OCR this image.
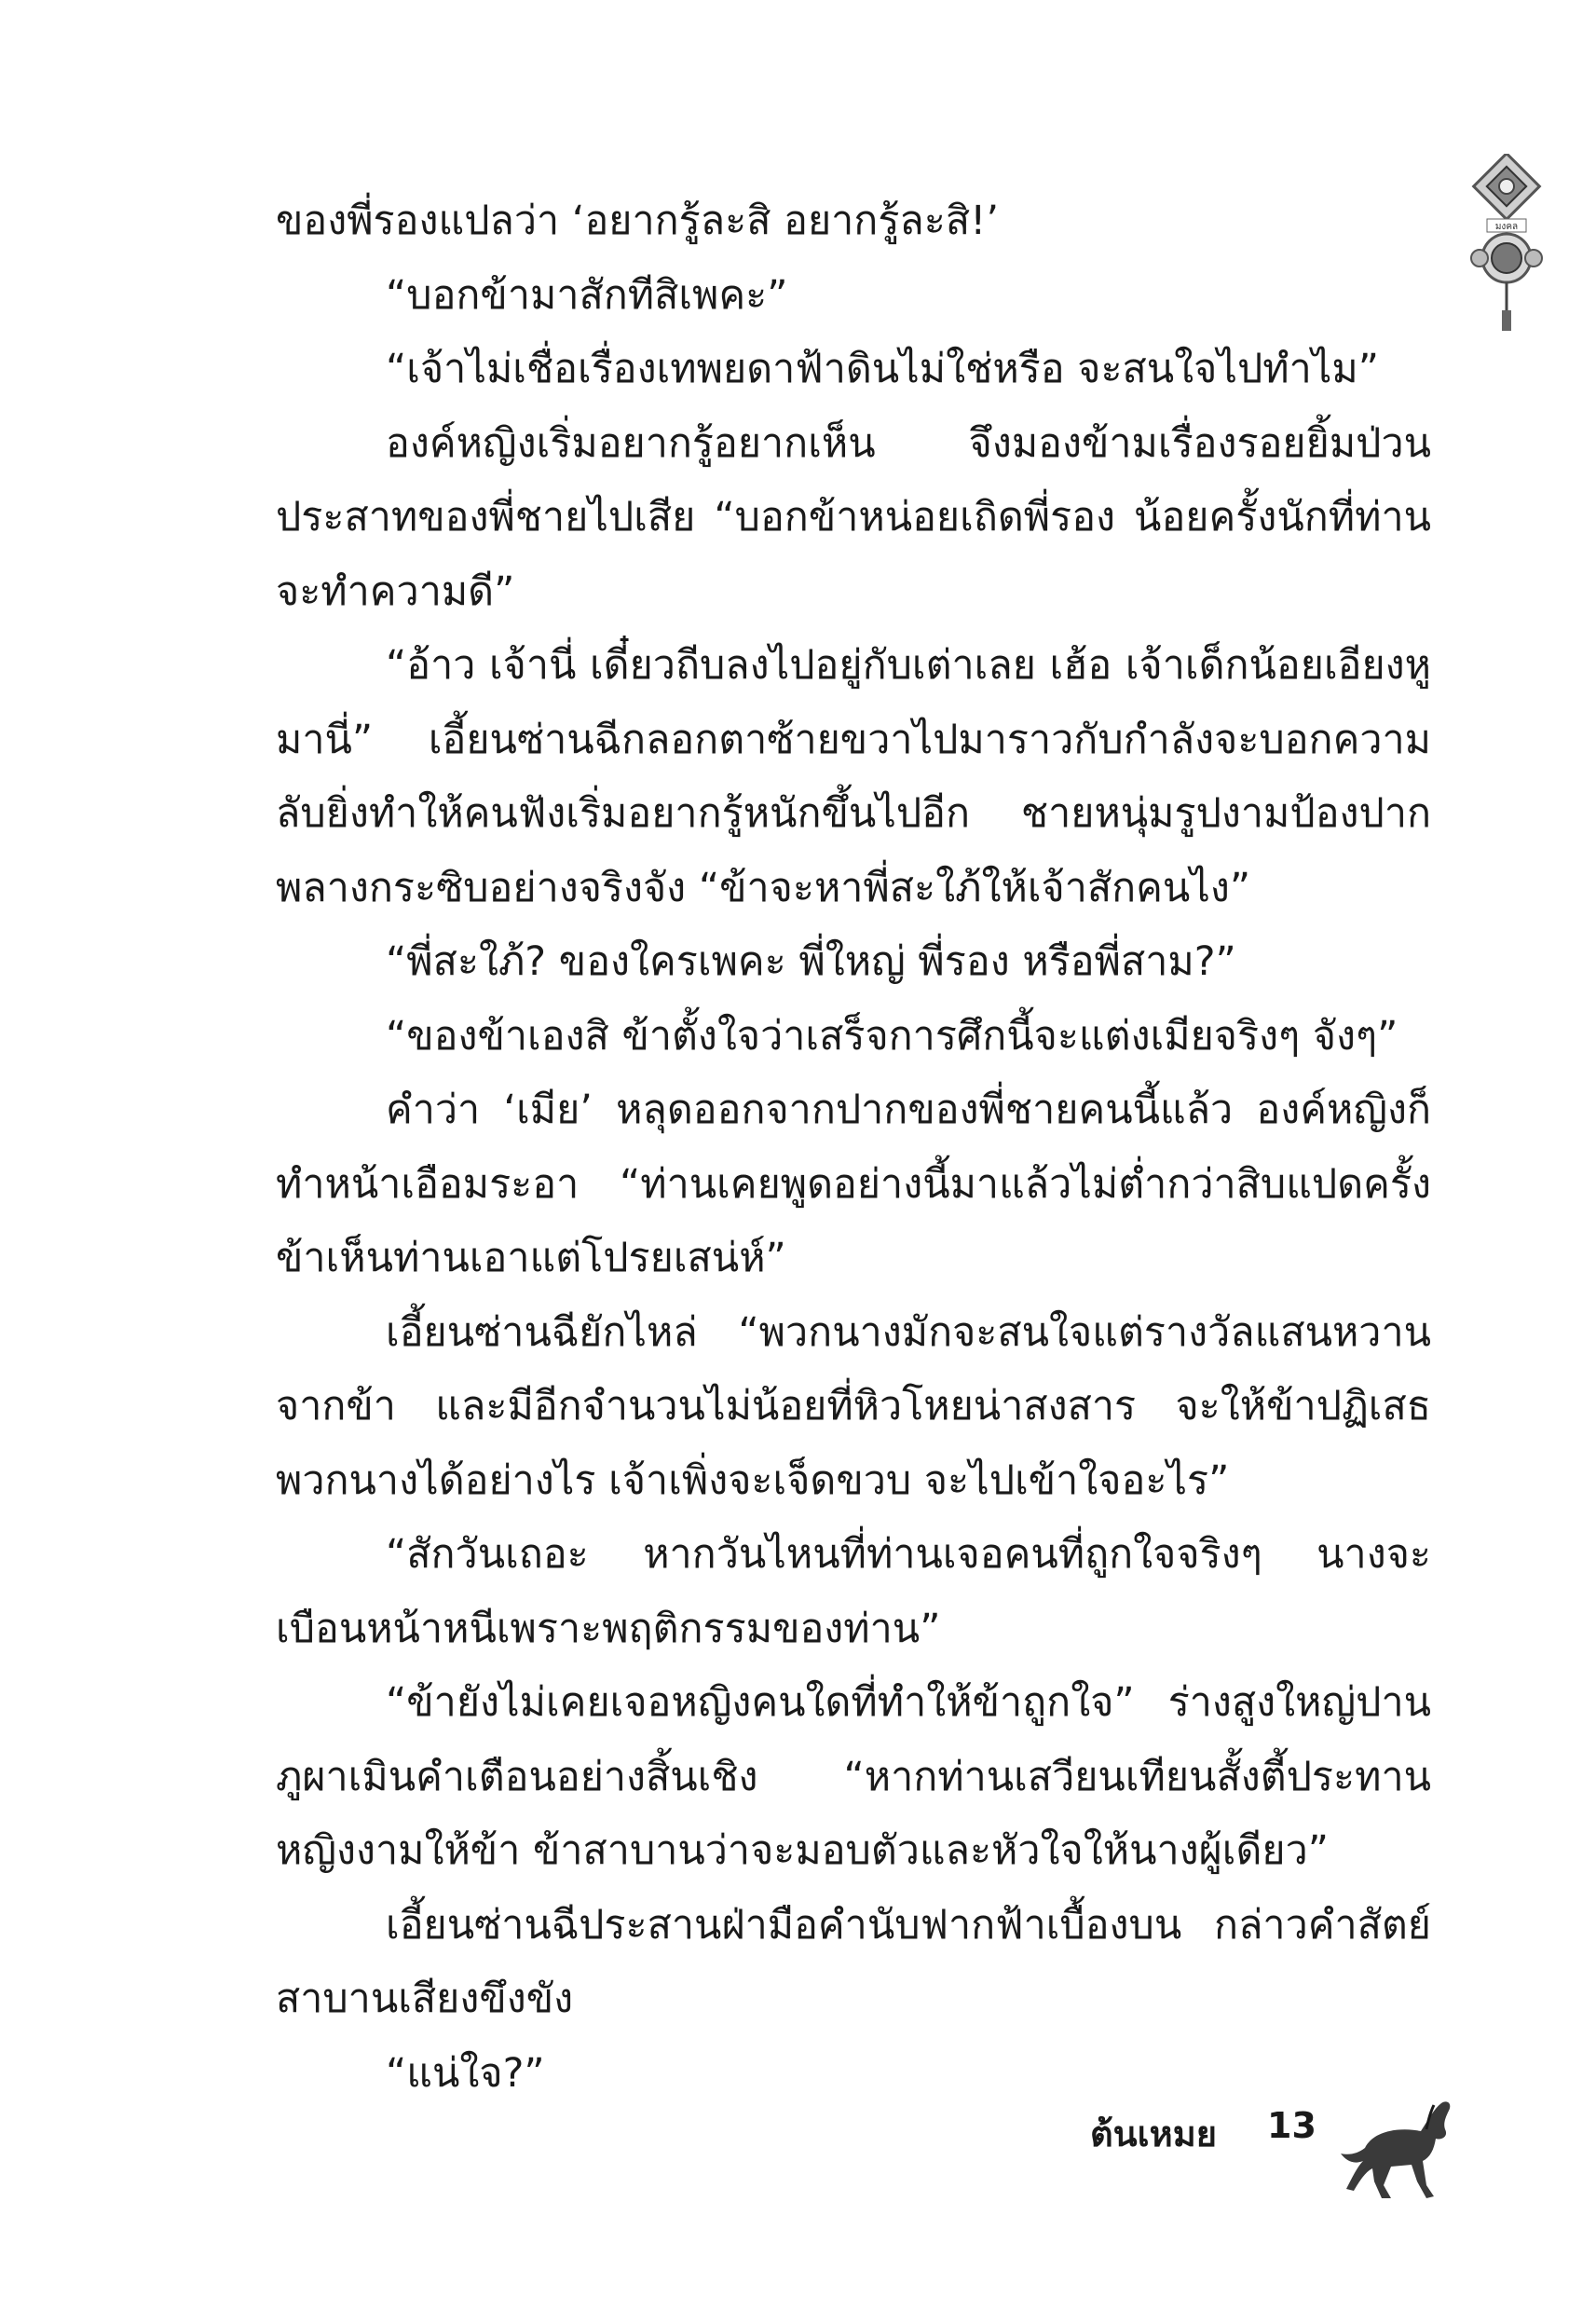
มงคล

ของพี่รองแปลว่า ‘อยากรู้ละสิ อยากรู้ละสิ!’

“บอกข้ามาสักทีสิเพคะ”

“เจ้าไม่เชื่อเรื่องเทพยดาฟ้าดินไม่ใช่หรือ จะสนใจไปทำไม”

องค์หญิงเริ่มอยากรู้อยากเห็น จึงมองข้ามเรื่องรอยยิ้มป่วนประสาทของพี่ชายไปเสีย “บอกข้าหน่อยเถิดพี่รอง น้อยครั้งนักที่ท่านจะทำความดี”

“อ้าว เจ้านี่ เดี๋ยวถีบลงไปอยู่กับเต่าเลย เฮ้อ เจ้าเด็กน้อยเอียงหูมานี่” เอี้ยนซ่านฉีกลอกตาซ้ายขวาไปมาราวกับกำลังจะบอกความลับยิ่งทำให้คนฟังเริ่มอยากรู้หนักขึ้นไปอีก ชายหนุ่มรูปงามป้องปากพลางกระซิบอย่างจริงจัง “ข้าจะหาพี่สะใภ้ให้เจ้าสักคนไง”

“พี่สะใภ้? ของใครเพคะ พี่ใหญ่ พี่รอง หรือพี่สาม?”

“ของข้าเองสิ ข้าตั้งใจว่าเสร็จการศึกนี้จะแต่งเมียจริงๆ จังๆ”

คำว่า ‘เมีย’ หลุดออกจากปากของพี่ชายคนนี้แล้ว องค์หญิงก็ทำหน้าเอือมระอา “ท่านเคยพูดอย่างนี้มาแล้วไม่ต่ำกว่าสิบแปดครั้ง ข้าเห็นท่านเอาแต่โปรยเสน่ห์”

เอี้ยนซ่านฉียักไหล่ “พวกนางมักจะสนใจแต่รางวัลแสนหวานจากข้า และมีอีกจำนวนไม่น้อยที่หิวโหยน่าสงสาร จะให้ข้าปฏิเสธพวกนางได้อย่างไร เจ้าเพิ่งจะเจ็ดขวบ จะไปเข้าใจอะไร”

“สักวันเถอะ หากวันไหนที่ท่านเจอคนที่ถูกใจจริงๆ นางจะเบือนหน้าหนีเพราะพฤติกรรมของท่าน”

“ข้ายังไม่เคยเจอหญิงคนใดที่ทำให้ข้าถูกใจ” ร่างสูงใหญ่ปานภูผาเมินคำเตือนอย่างสิ้นเชิง “หากท่านเสวียนเทียนสั้งตี้ประทานหญิงงามให้ข้า ข้าสาบานว่าจะมอบตัวและหัวใจให้นางผู้เดียว”

เอี้ยนซ่านฉีประสานฝ่ามือคำนับฟากฟ้าเบื้องบน กล่าวคำสัตย์สาบานเสียงขึงขัง

“แน่ใจ?”

ต้นเหมย 13
